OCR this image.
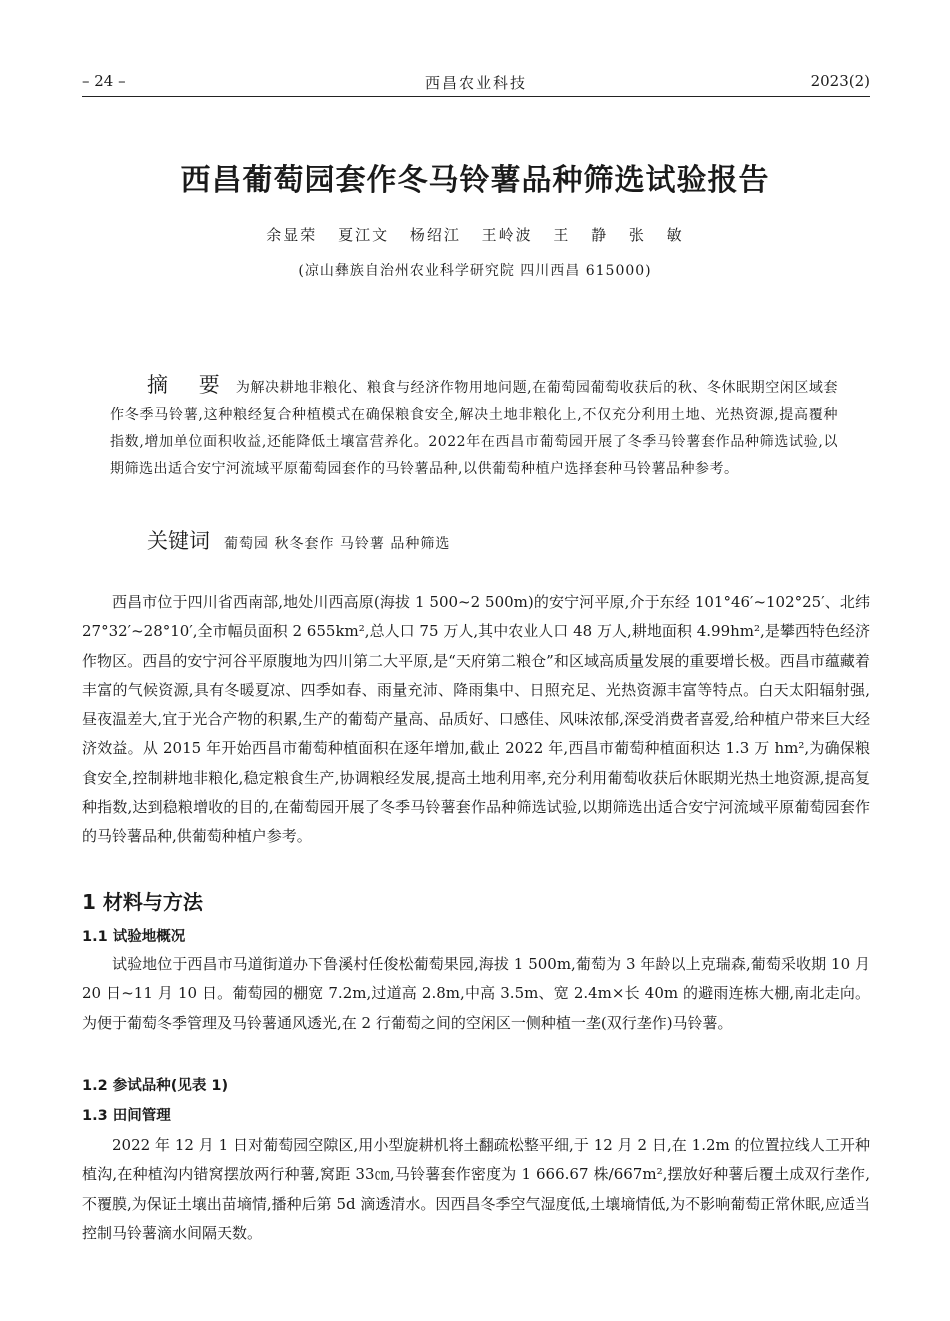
– 24 –	西昌农业科技	2023(2)
西昌葡萄园套作冬马铃薯品种筛选试验报告
余显荣 夏江文 杨绍江 王岭波 王 静 张 敏
(凉山彝族自治州农业科学研究院 四川西昌 615000)
摘 要 为解决耕地非粮化、粮食与经济作物用地问题,在葡萄园葡萄收获后的秋、冬休眠期空闲区域套作冬季马铃薯,这种粮经复合种植模式在确保粮食安全,解决土地非粮化上,不仅充分利用土地、光热资源,提高覆种指数,增加单位面积收益,还能降低土壤富营养化。2022年在西昌市葡萄园开展了冬季马铃薯套作品种筛选试验,以期筛选出适合安宁河流域平原葡萄园套作的马铃薯品种,以供葡萄种植户选择套种马铃薯品种参考。
关键词 葡萄园 秋冬套作 马铃薯 品种筛选

西昌市位于四川省西南部,地处川西高原(海拔 1 500~2 500m)的安宁河平原,介于东经 101°46′~102°25′、北纬 27°32′~28°10′,全市幅员面积 2 655km²,总人口 75 万人,其中农业人口 48 万人,耕地面积 4.99hm²,是攀西特色经济作物区。西昌的安宁河谷平原腹地为四川第二大平原,是“天府第二粮仓”和区域高质量发展的重要增长极。西昌市蕴藏着丰富的气候资源,具有冬暖夏凉、四季如春、雨量充沛、降雨集中、日照充足、光热资源丰富等特点。白天太阳辐射强,昼夜温差大,宜于光合产物的积累,生产的葡萄产量高、品质好、口感佳、风味浓郁,深受消费者喜爱,给种植户带来巨大经济效益。从 2015 年开始西昌市葡萄种植面积在逐年增加,截止 2022 年,西昌市葡萄种植面积达 1.3 万 hm²,为确保粮食安全,控制耕地非粮化,稳定粮食生产,协调粮经发展,提高土地利用率,充分利用葡萄收获后休眠期光热土地资源,提高复种指数,达到稳粮增收的目的,在葡萄园开展了冬季马铃薯套作品种筛选试验,以期筛选出适合安宁河流域平原葡萄园套作的马铃薯品种,供葡萄种植户参考。

1 材料与方法
1.1 试验地概况

试验地位于西昌市马道街道办下鲁溪村任俊松葡萄果园,海拔 1 500m,葡萄为 3 年龄以上克瑞森,葡萄采收期 10 月 20 日~11 月 10 日。葡萄园的棚宽 7.2m,过道高 2.8m,中高 3.5m、宽 2.4m×长 40m 的避雨连栋大棚,南北走向。为便于葡萄冬季管理及马铃薯通风透光,在 2 行葡萄之间的空闲区一侧种植一垄(双行垄作)马铃薯。

1.2 参试品种(见表 1)
1.3 田间管理

2022 年 12 月 1 日对葡萄园空隙区,用小型旋耕机将土翻疏松整平细,于 12 月 2 日,在 1.2m 的位置拉线人工开种植沟,在种植沟内错窝摆放两行种薯,窝距 33㎝,马铃薯套作密度为 1 666.67 株/667m²,摆放好种薯后覆土成双行垄作,不覆膜,为保证土壤出苗墒情,播种后第 5d 滴透清水。因西昌冬季空气湿度低,土壤墒情低,为不影响葡萄正常休眠,应适当控制马铃薯滴水间隔天数。
